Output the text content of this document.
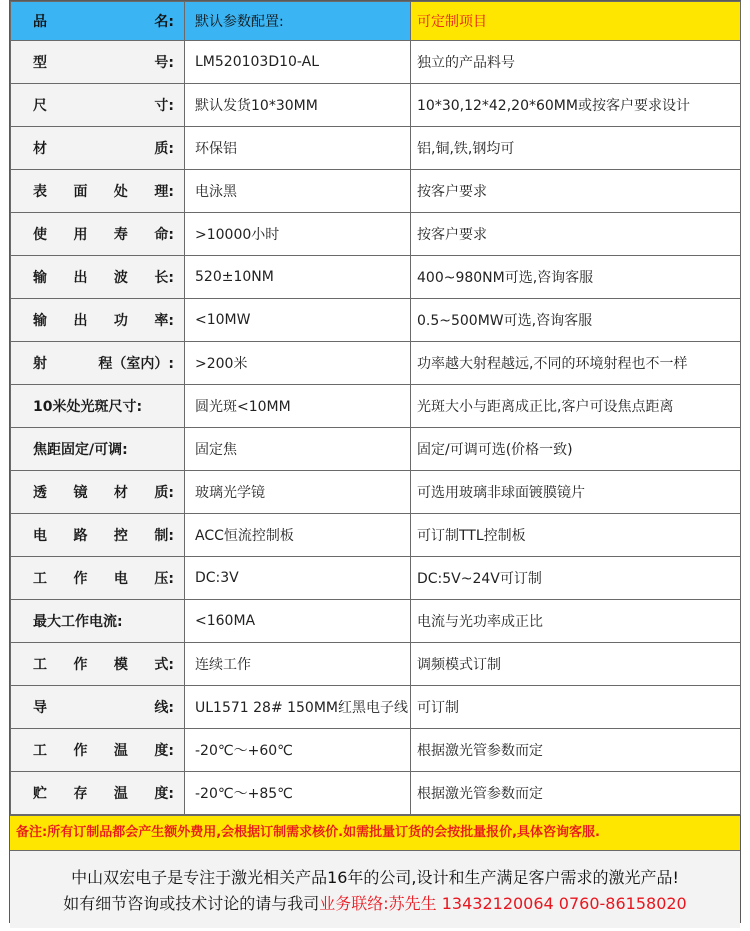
品 名:	默认参数配置:	可定制项目

型 号:	LM520103D10-AL	独立的产品料号

尺 寸:	默认发货10*30MM	10*30,12*42,20*60MM或按客户要求设计

材 质:	环保铝	铝,铜,铁,钢均可

表 面 处 理:	电泳黑	按客户要求

使 用 寿 命:	>10000小时	按客户要求

输 出 波 长:	520±10NM	400~980NM可选,咨询客服

输 出 功 率:	<10MW	0.5~500MW可选,咨询客服

射 程（室内）:	>200米	功率越大射程越远,不同的环境射程也不一样

10米处光斑尺寸:	圆光斑<10MM	光斑大小与距离成正比,客户可设焦点距离

焦距固定/可调:	固定焦	固定/可调可选(价格一致)

透 镜 材 质:	玻璃光学镜	可选用玻璃非球面镀膜镜片

电 路 控 制:	ACC恒流控制板	可订制TTL控制板

工 作 电 压:	DC:3V	DC:5V~24V可订制

最大工作电流:	<160MA	电流与光功率成正比

工 作 模 式:	连续工作	调频模式订制

导 线:	UL1571 28# 150MM红黑电子线	可订制

工 作 温 度:	-20℃～+60℃	根据激光管参数而定

贮 存 温 度:	-20℃～+85℃	根据激光管参数而定
备注:所有订制品都会产生额外费用,会根据订制需求核价.如需批量订货的会按批量报价,具体咨询客服.
中山双宏电子是专注于激光相关产品16年的公司,设计和生产满足客户需求的激光产品!
如有细节咨询或技术讨论的请与我司业务联络:苏先生 13432120064 0760-86158020
